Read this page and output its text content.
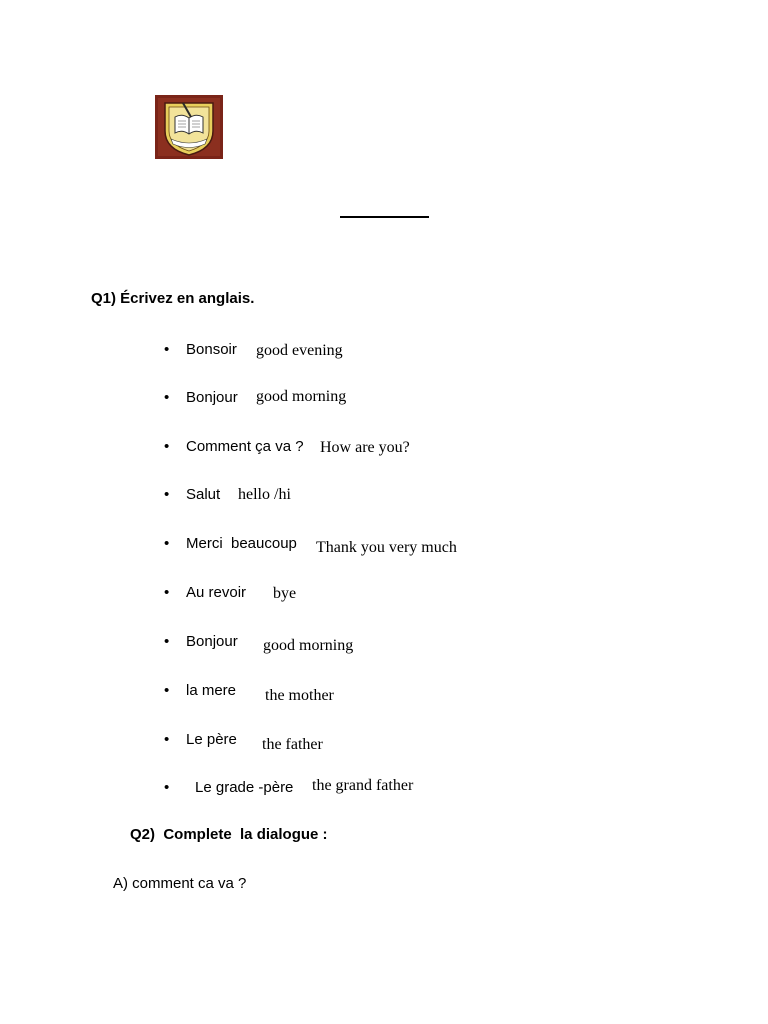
Q1) Écrivez en anglais.
• Bonsoir good evening
• Bonjour good morning
• Comment ça va ? How are you?
• Salut hello /hi
• Merci  beaucoup Thank you very much
• Au revoir bye
• Bonjour good morning
• la mere the mother
• Le père the father
• Le grade -père the grand father
Q2)  Complete  la dialogue :
A) comment ca va ?
